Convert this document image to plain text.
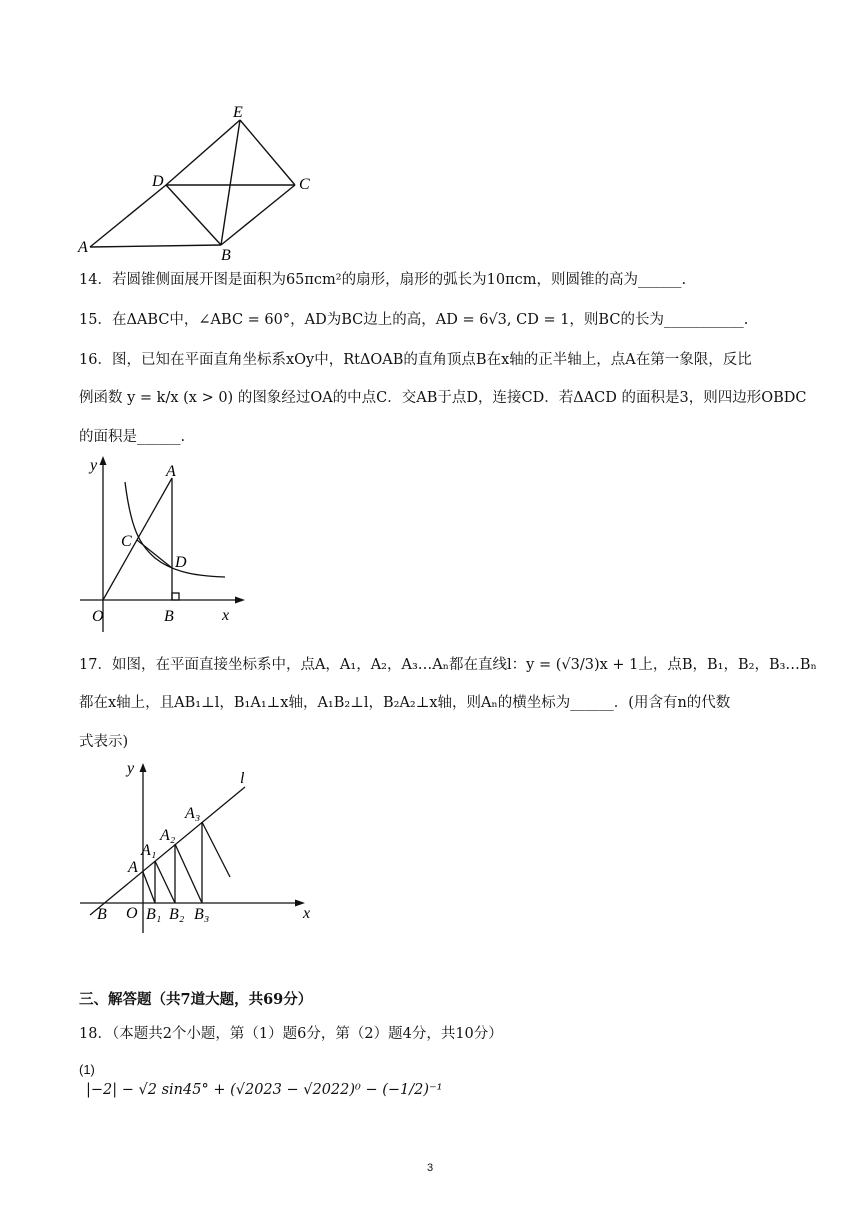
E
D	C
A	B
14．若圆锥侧面展开图是面积为65πcm²的扇形，扇形的弧长为10πcm，则圆锥的高为______.
15．在ΔABC中，∠ABC = 60°，AD为BC边上的高，AD = 6√3, CD = 1，则BC的长为___________.
16．图，已知在平面直角坐标系xOy中，RtΔOAB的直角顶点B在x轴的正半轴上，点A在第一象限，反比
例函数 y = k/x (x > 0) 的图象经过OA的中点C．交AB于点D，连接CD．若ΔACD 的面积是3，则四边形OBDC
的面积是______.
y	A
C
D
O	B	x
17．如图，在平面直接坐标系中，点A，A₁，A₂，A₃…Aₙ都在直线l：y = (√3/3)x + 1上，点B，B₁，B₂，B₃…Bₙ
都在x轴上，且AB₁⊥l，B₁A₁⊥x轴，A₁B₂⊥l，B₂A₂⊥x轴，则Aₙ的横坐标为______．(用含有n的代数
式表示)
y
l
A₃
A₂
A₁
A
B O B₁ B₂ B₃	x
三、解答题（共7道大题，共69分）
18．（本题共2个小题，第（1）题6分，第（2）题4分，共10分）
(1)
|−2| − √2 sin45° + (√2023 − √2022)⁰ − (−1/2)⁻¹
3
